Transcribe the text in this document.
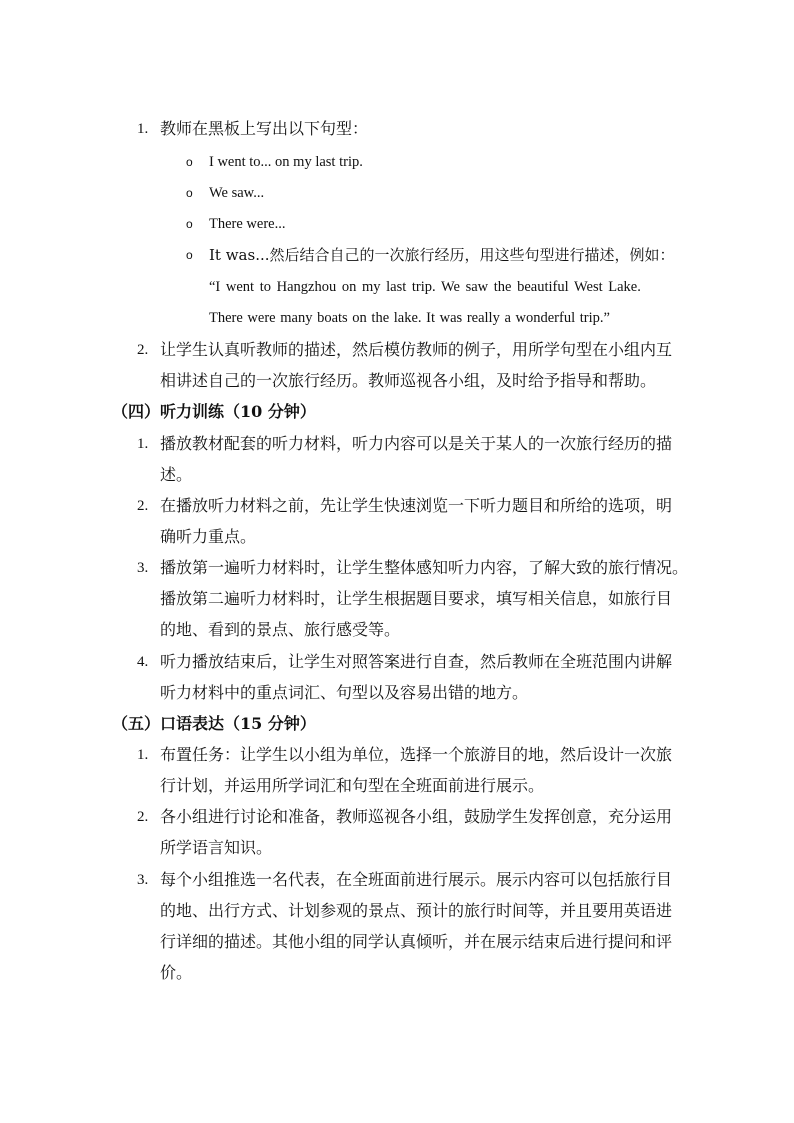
1. 教师在黑板上写出以下句型：
o I went to... on my last trip.
o We saw...
o There were...
o It was...然后结合自己的一次旅行经历，用这些句型进行描述，例如：
“I went to Hangzhou on my last trip. We saw the beautiful West Lake.
There were many boats on the lake. It was really a wonderful trip.”
2. 让学生认真听教师的描述，然后模仿教师的例子，用所学句型在小组内互
相讲述自己的一次旅行经历。教师巡视各小组，及时给予指导和帮助。
（四）听力训练（10 分钟）
1. 播放教材配套的听力材料，听力内容可以是关于某人的一次旅行经历的描
述。
2. 在播放听力材料之前，先让学生快速浏览一下听力题目和所给的选项，明
确听力重点。
3. 播放第一遍听力材料时，让学生整体感知听力内容，了解大致的旅行情况。
播放第二遍听力材料时，让学生根据题目要求，填写相关信息，如旅行目
的地、看到的景点、旅行感受等。
4. 听力播放结束后，让学生对照答案进行自查，然后教师在全班范围内讲解
听力材料中的重点词汇、句型以及容易出错的地方。
（五）口语表达（15 分钟）
1. 布置任务：让学生以小组为单位，选择一个旅游目的地，然后设计一次旅
行计划，并运用所学词汇和句型在全班面前进行展示。
2. 各小组进行讨论和准备，教师巡视各小组，鼓励学生发挥创意，充分运用
所学语言知识。
3. 每个小组推选一名代表，在全班面前进行展示。展示内容可以包括旅行目
的地、出行方式、计划参观的景点、预计的旅行时间等，并且要用英语进
行详细的描述。其他小组的同学认真倾听，并在展示结束后进行提问和评
价。
